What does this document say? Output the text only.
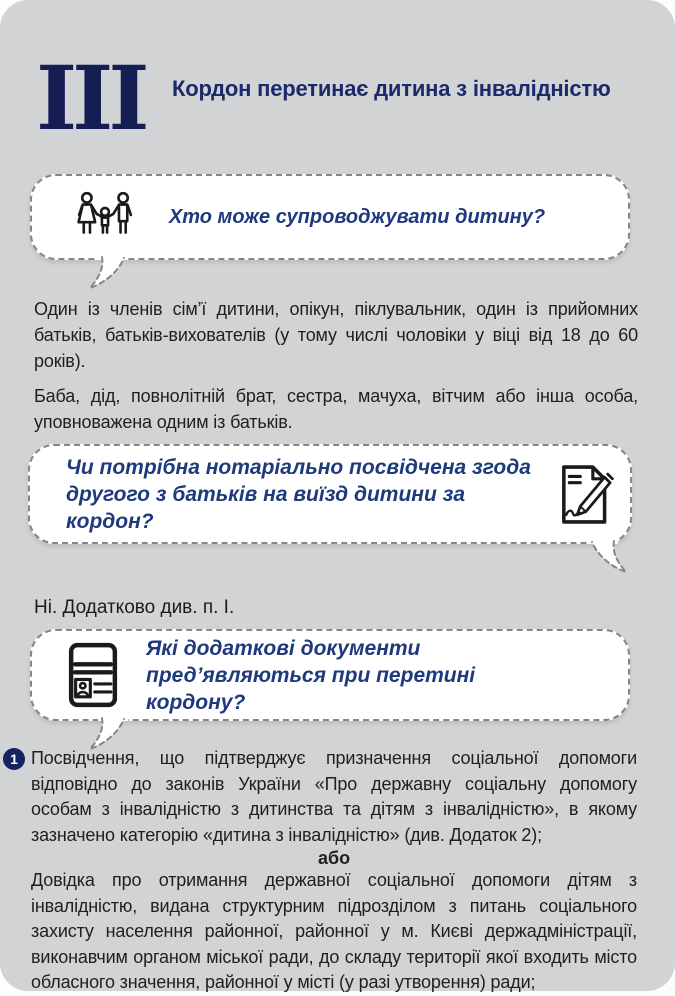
III Кордон перетинає дитина з інвалідністю
Хто може супроводжувати дитину?

Один із членів сім’ї дитини, опікун, піклувальник, один із прийомних батьків, батьків-вихователів (у тому числі чоловіки у віці від 18 до 60 років).

Баба, дід, повнолітній брат, сестра, мачуха, вітчим або інша особа, уповноважена одним із батьків.

Чи потрібна нотаріально посвідчена згода другого з батьків на виїзд дитини за кордон?

Ні. Додатково див. п. І.

Які додаткові документи пред’являються при перетині кордону?
1 Посвідчення, що підтверджує призначення соціальної допомоги відповідно до законів України «Про державну соціальну допомогу особам з інвалідністю з дитинства та дітям з інвалідністю», в якому зазначено категорію «дитина з інвалідністю» (див. Додаток 2);

або

Довідка про отримання державної соціальної допомоги дітям з інвалідністю, видана структурним підрозділом з питань соціального захисту населення районної, районної у м. Києві держадміністрації, виконавчим органом міської ради, до складу території якої входить місто обласного значення, районної у місті (у разі утворення) ради;
